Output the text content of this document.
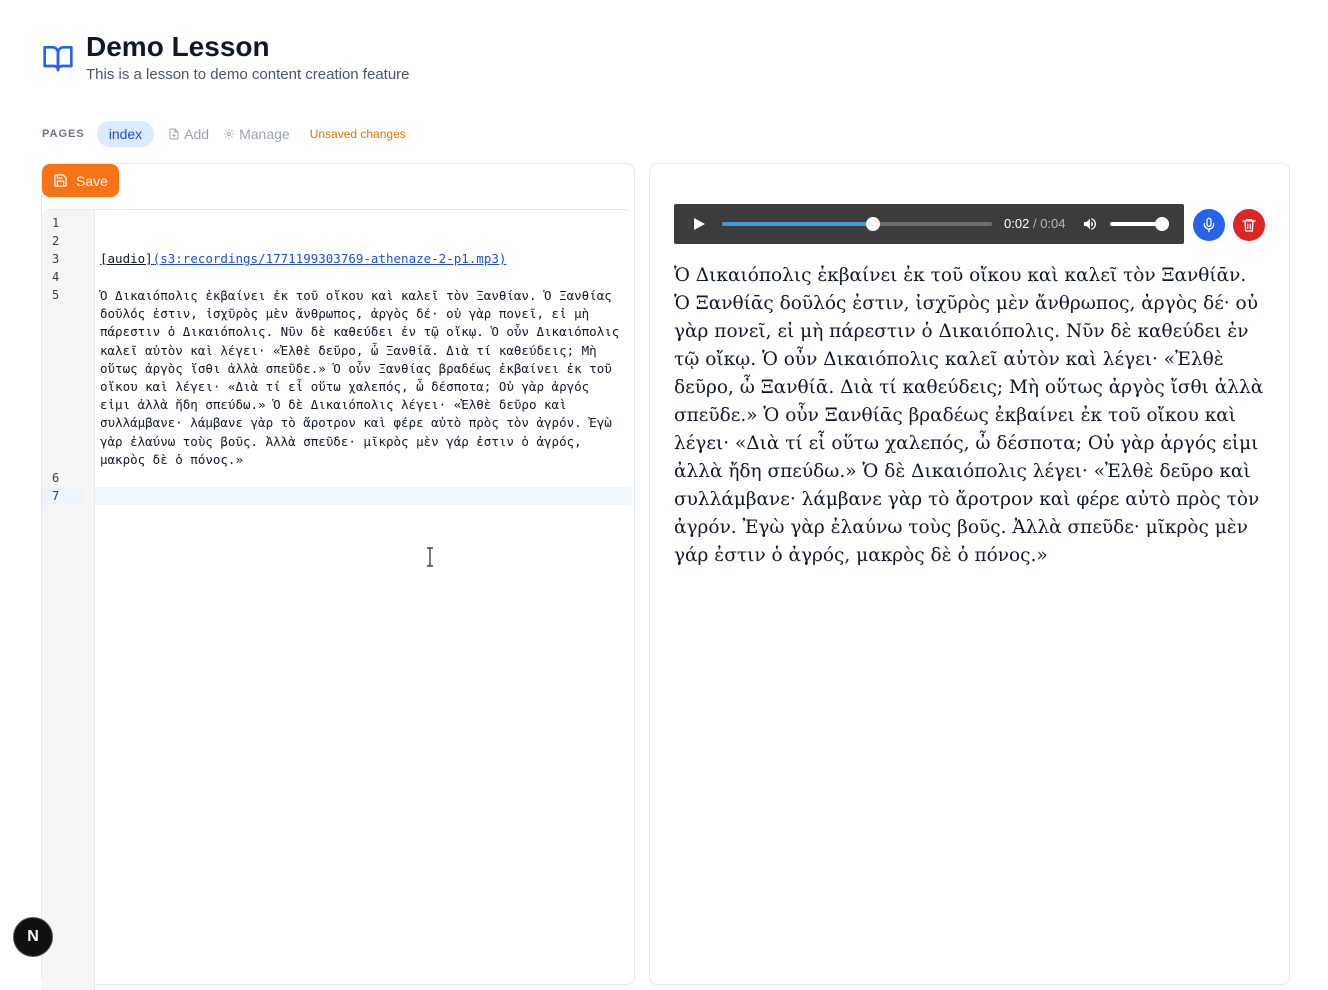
Demo Lesson
This is a lesson to demo content creation feature
PAGES	index	Add Manage Unsaved changes
Save
1
2
3
4
5
6
7
[audio](s3:recordings/1771199303769-athenaze-2-p1.mp3)
Ὁ Δικαιόπολις ἐκβαίνει ἐκ τοῦ οἴκου καὶ καλεῖ τὸν Ξανθίαν. Ὁ Ξανθίας δοῦλός ἐστιν, ἰσχῦρὸς μὲν ἄνθρωπος, ἀργὸς δέ· οὐ γὰρ πονεῖ, εἰ μὴ πάρεστιν ὁ Δικαιόπολις. Νῦν δὲ καθεύδει ἐν τῷ οἴκῳ. Ὁ οὖν Δικαιόπολις καλεῖ αὐτὸν καὶ λέγει· «Ἐλθὲ δεῦρο, ὦ Ξανθίᾱ. Διὰ τί καθεύδεις; Μὴ οὕτως ἀργὸς ἴσθι ἀλλὰ σπεῦδε.» Ὁ οὖν Ξανθίας βραδέως ἐκβαίνει ἐκ τοῦ οἴκου καὶ λέγει· «Διὰ τί εἶ οὕτω χαλεπός, ὦ δέσποτα; Οὐ γὰρ ἀργός εἰμι ἀλλὰ ἤδη σπεύδω.» Ὁ δὲ Δικαιόπολις λέγει· «Ἐλθὲ δεῦρο καὶ συλλάμβανε· λάμβανε γὰρ τὸ ἄροτρον καὶ φέρε αὐτὸ πρὸς τὸν ἀγρόν. Ἐγὼ γὰρ ἐλαύνω τοὺς βοῦς. Ἀλλὰ σπεῦδε· μῖκρὸς μὲν γάρ ἐστιν ὁ ἀγρός, μακρὸς δὲ ὁ πόνος.»
0:02 / 0:04
Ὁ Δικαιόπολις ἐκβαίνει ἐκ τοῦ οἴκου καὶ καλεῖ τὸν Ξανθίᾱν. Ὁ Ξανθίᾱς δοῦλός ἐστιν, ἰσχῦρὸς μὲν ἄνθρωπος, ἀργὸς δέ· οὐ γὰρ πονεῖ, εἰ μὴ πάρεστιν ὁ Δικαιόπολις. Νῦν δὲ καθεύδει ἐν τῷ οἴκῳ. Ὁ οὖν Δικαιόπολις καλεῖ αὐτὸν καὶ λέγει· «Ἐλθὲ δεῦρο, ὦ Ξανθίᾱ. Διὰ τί καθεύδεις; Μὴ οὕτως ἀργὸς ἴσθι ἀλλὰ σπεῦδε.» Ὁ οὖν Ξανθίᾱς βραδέως ἐκβαίνει ἐκ τοῦ οἴκου καὶ λέγει· «Διὰ τί εἶ οὕτω χαλεπός, ὦ δέσποτα; Οὐ γὰρ ἀργός εἰμι ἀλλὰ ἤδη σπεύδω.» Ὁ δὲ Δικαιόπολις λέγει· «Ἐλθὲ δεῦρο καὶ συλλάμβανε· λάμβανε γὰρ τὸ ἄροτρον καὶ φέρε αὐτὸ πρὸς τὸν ἀγρόν. Ἐγὼ γὰρ ἐλαύνω τοὺς βοῦς. Ἀλλὰ σπεῦδε· μῖκρὸς μὲν γάρ ἐστιν ὁ ἀγρός, μακρὸς δὲ ὁ πόνος.»
N
